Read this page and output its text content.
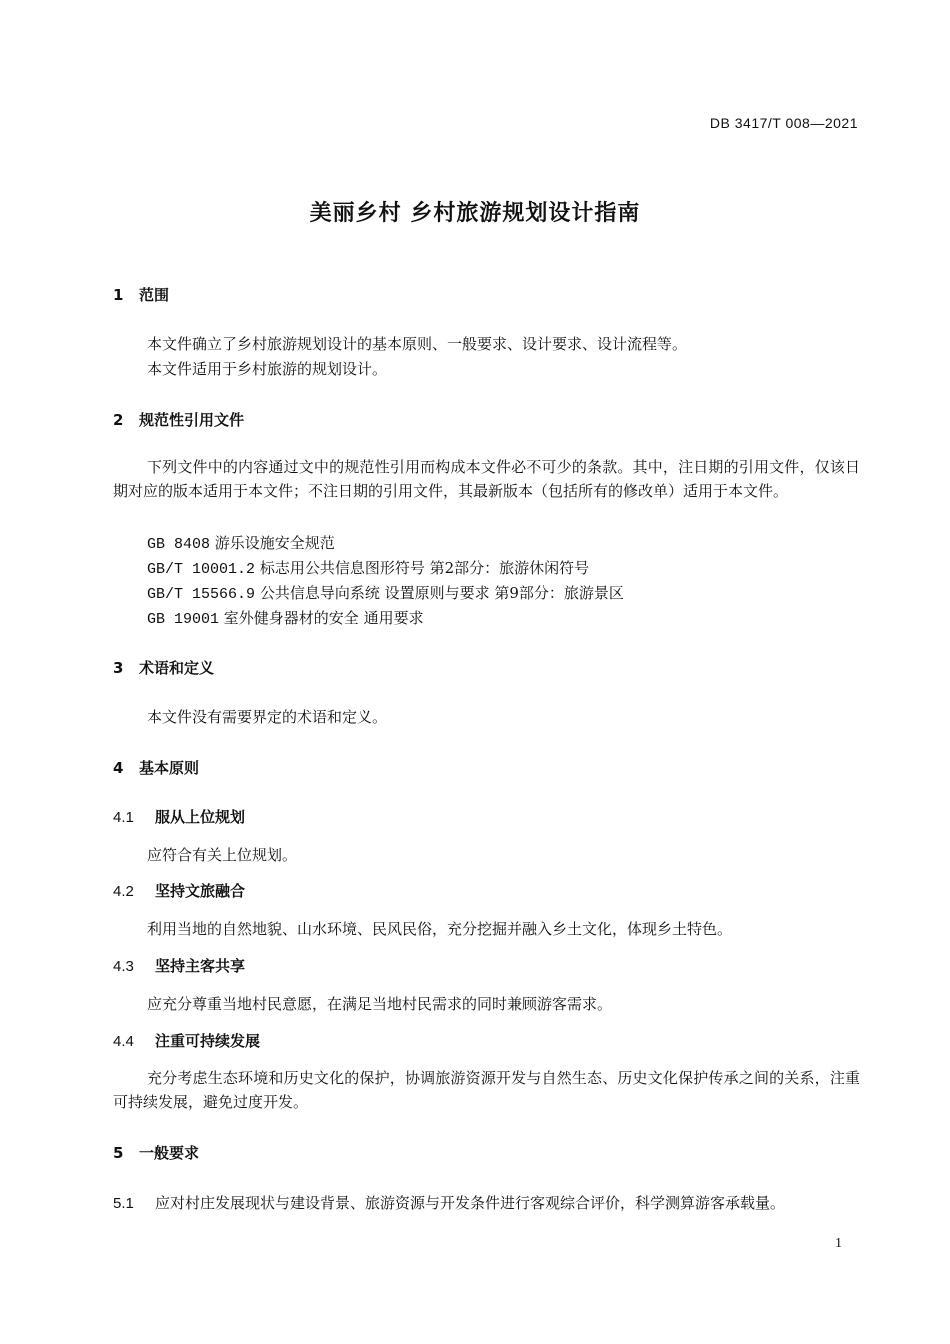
DB 3417/T 008—2021
美丽乡村 乡村旅游规划设计指南
1 范围
本文件确立了乡村旅游规划设计的基本原则、一般要求、设计要求、设计流程等。
本文件适用于乡村旅游的规划设计。
2 规范性引用文件
下列文件中的内容通过文中的规范性引用而构成本文件必不可少的条款。其中，注日期的引用文件，仅该日期对应的版本适用于本文件；不注日期的引用文件，其最新版本（包括所有的修改单）适用于本文件。
GB 8408 游乐设施安全规范
GB/T 10001.2 标志用公共信息图形符号 第2部分：旅游休闲符号
GB/T 15566.9 公共信息导向系统 设置原则与要求 第9部分：旅游景区
GB 19001 室外健身器材的安全 通用要求
3 术语和定义
本文件没有需要界定的术语和定义。
4 基本原则
4.1 服从上位规划
应符合有关上位规划。
4.2 坚持文旅融合
利用当地的自然地貌、山水环境、民风民俗，充分挖掘并融入乡土文化，体现乡土特色。
4.3 坚持主客共享
应充分尊重当地村民意愿，在满足当地村民需求的同时兼顾游客需求。
4.4 注重可持续发展
充分考虑生态环境和历史文化的保护，协调旅游资源开发与自然生态、历史文化保护传承之间的关系，注重可持续发展，避免过度开发。
5 一般要求
5.1 应对村庄发展现状与建设背景、旅游资源与开发条件进行客观综合评价，科学测算游客承载量。
1
